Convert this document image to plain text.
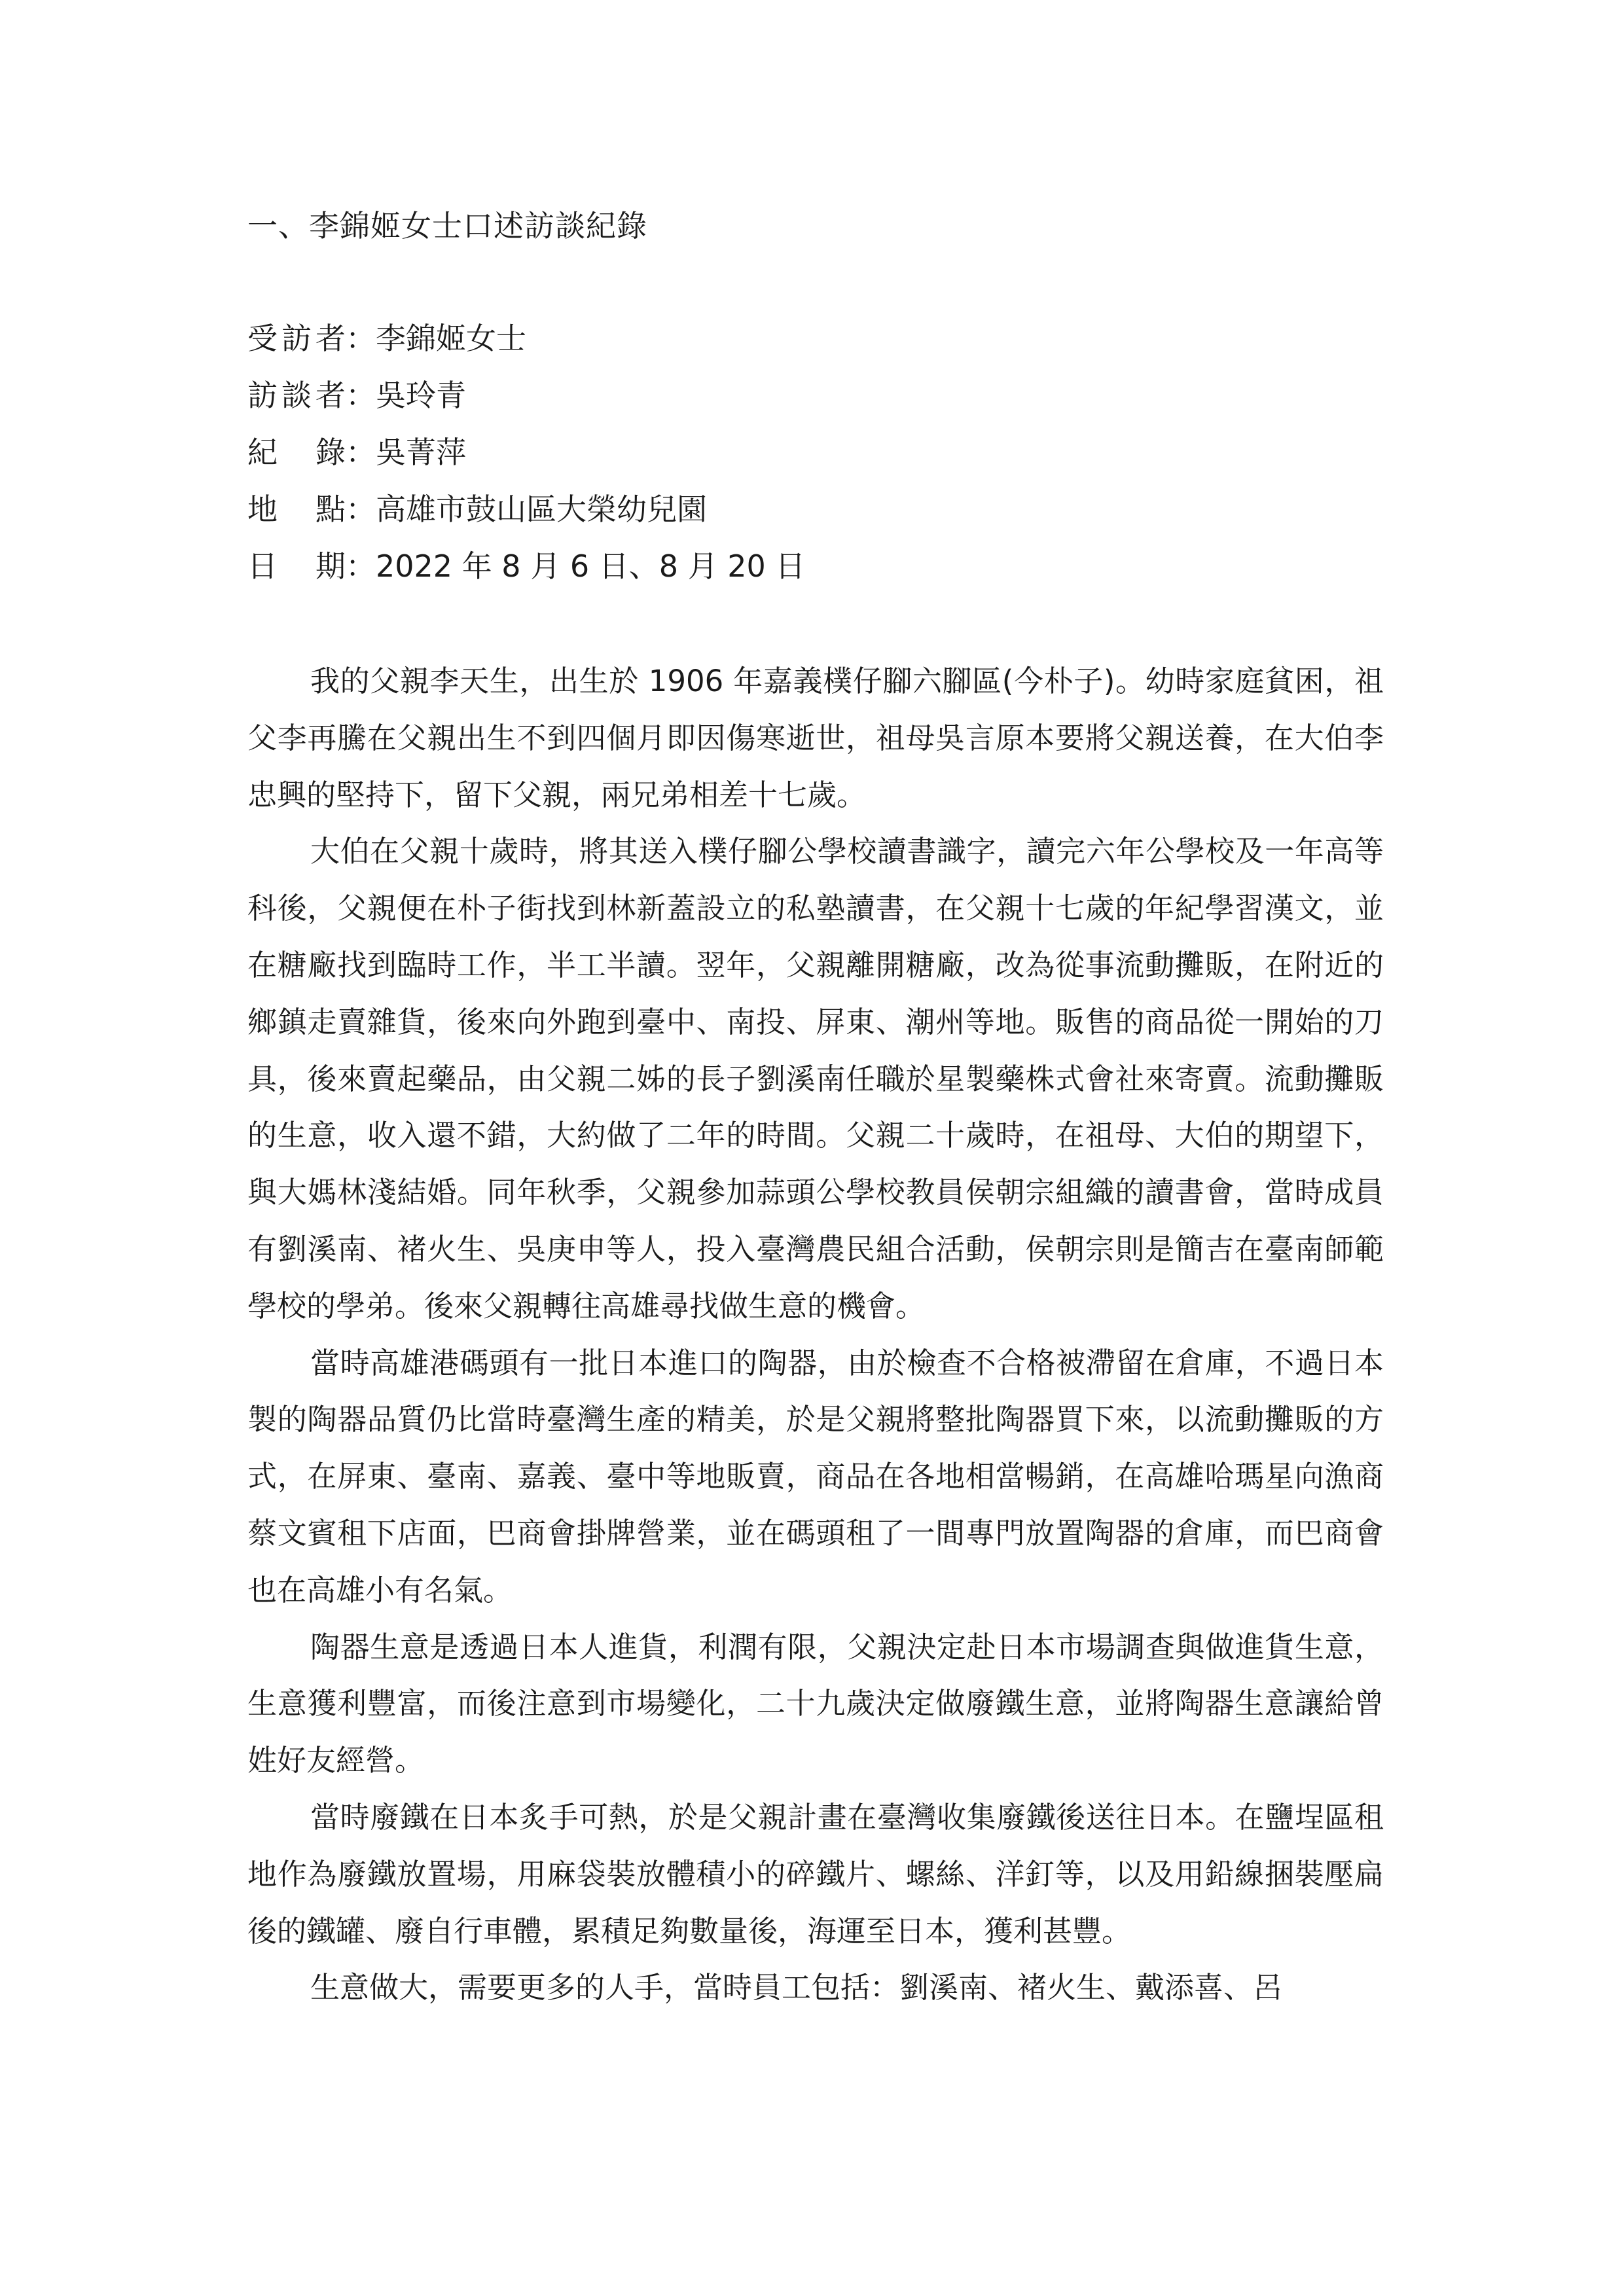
一、李錦姬女士口述訪談紀錄
受訪者 ： 李錦姬女士
訪談者 ： 吳玲青
紀 錄 ： 吳菁萍
地 點 ： 高雄市鼓山區大榮幼兒園
日 期 ： 2022 年 8 月 6 日、8 月 20 日

我的父親李天生，出生於 1906 年嘉義樸仔腳六腳區(今朴子)。幼時家庭貧困，祖父李再騰在父親出生不到四個月即因傷寒逝世，祖母吳言原本要將父親送養，在大伯李忠興的堅持下，留下父親，兩兄弟相差十七歲。

大伯在父親十歲時，將其送入樸仔腳公學校讀書識字，讀完六年公學校及一年高等科後，父親便在朴子街找到林新蓋設立的私塾讀書，在父親十七歲的年紀學習漢文，並在糖廠找到臨時工作，半工半讀。翌年，父親離開糖廠，改為從事流動攤販，在附近的鄉鎮走賣雜貨，後來向外跑到臺中、南投、屏東、潮州等地。販售的商品從一開始的刀具，後來賣起藥品，由父親二姊的長子劉溪南任職於星製藥株式會社來寄賣。流動攤販的生意，收入還不錯，大約做了二年的時間。父親二十歲時，在祖母、大伯的期望下，與大媽林淺結婚。同年秋季，父親參加蒜頭公學校教員侯朝宗組織的讀書會，當時成員有劉溪南、褚火生、吳庚申等人，投入臺灣農民組合活動，侯朝宗則是簡吉在臺南師範學校的學弟。後來父親轉往高雄尋找做生意的機會。

當時高雄港碼頭有一批日本進口的陶器，由於檢查不合格被滯留在倉庫，不過日本製的陶器品質仍比當時臺灣生產的精美，於是父親將整批陶器買下來，以流動攤販的方式，在屏東、臺南、嘉義、臺中等地販賣，商品在各地相當暢銷，在高雄哈瑪星向漁商蔡文賓租下店面，巴商會掛牌營業，並在碼頭租了一間專門放置陶器的倉庫，而巴商會也在高雄小有名氣。

陶器生意是透過日本人進貨，利潤有限，父親決定赴日本市場調查與做進貨生意，生意獲利豐富，而後注意到市場變化，二十九歲決定做廢鐵生意，並將陶器生意讓給曾姓好友經營。

當時廢鐵在日本炙手可熱，於是父親計畫在臺灣收集廢鐵後送往日本。在鹽埕區租地作為廢鐵放置場，用麻袋裝放體積小的碎鐵片、螺絲、洋釘等，以及用鉛線捆裝壓扁後的鐵罐、廢自行車體，累積足夠數量後，海運至日本，獲利甚豐。

生意做大，需要更多的人手，當時員工包括：劉溪南、褚火生、戴添喜、呂
